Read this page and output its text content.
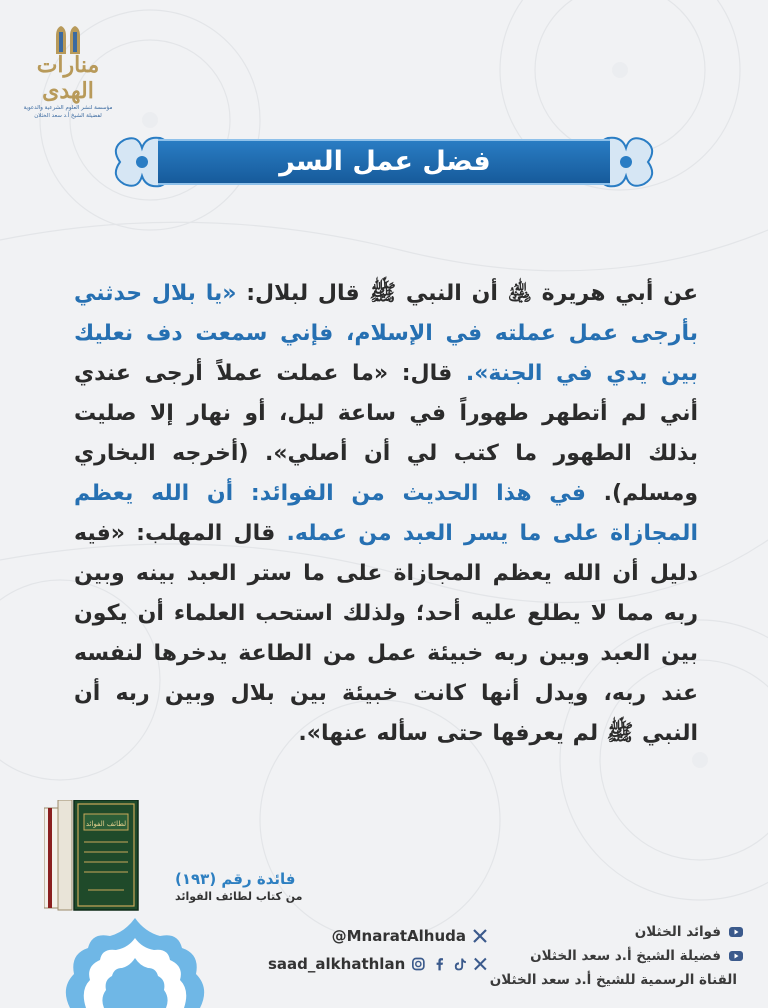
منارات الهدى
مؤسسة لنشر العلوم الشرعية والدعوية
لفضيلة الشيخ أ.د سعد الخثلان
فضل عمل السر
عن أبي هريرة ﵁ أن النبي ﷺ قال لبلال: «يا بلال حدثني بأرجى عمل عملته في الإسلام، فإني سمعت دف نعليك بين يدي في الجنة». قال: «ما عملت عملاً أرجى عندي أني لم أتطهر طهوراً في ساعة ليل، أو نهار إلا صليت بذلك الطهور ما كتب لي أن أصلي». (أخرجه البخاري ومسلم). في هذا الحديث من الفوائد: أن الله يعظم المجازاة على ما يسر العبد من عمله. قال المهلب: «فيه دليل أن الله يعظم المجازاة على ما ستر العبد بينه وبين ربه مما لا يطلع عليه أحد؛ ولذلك استحب العلماء أن يكون بين العبد وبين ربه خبيئة عمل من الطاعة يدخرها لنفسه عند ربه، ويدل أنها كانت خبيئة بين بلال وبين ربه أن النبي ﷺ لم يعرفها حتى سأله عنها».
لطائف الفوائد
فائدة رقم (١٩٣)
من كتاب لطائف الفوائد
@MnaratAlhuda
saad_alkhathlan
فوائد الخثلان
فضيلة الشيخ أ.د سعد الخثلان
القناة الرسمية للشيخ أ.د سعد الخثلان
